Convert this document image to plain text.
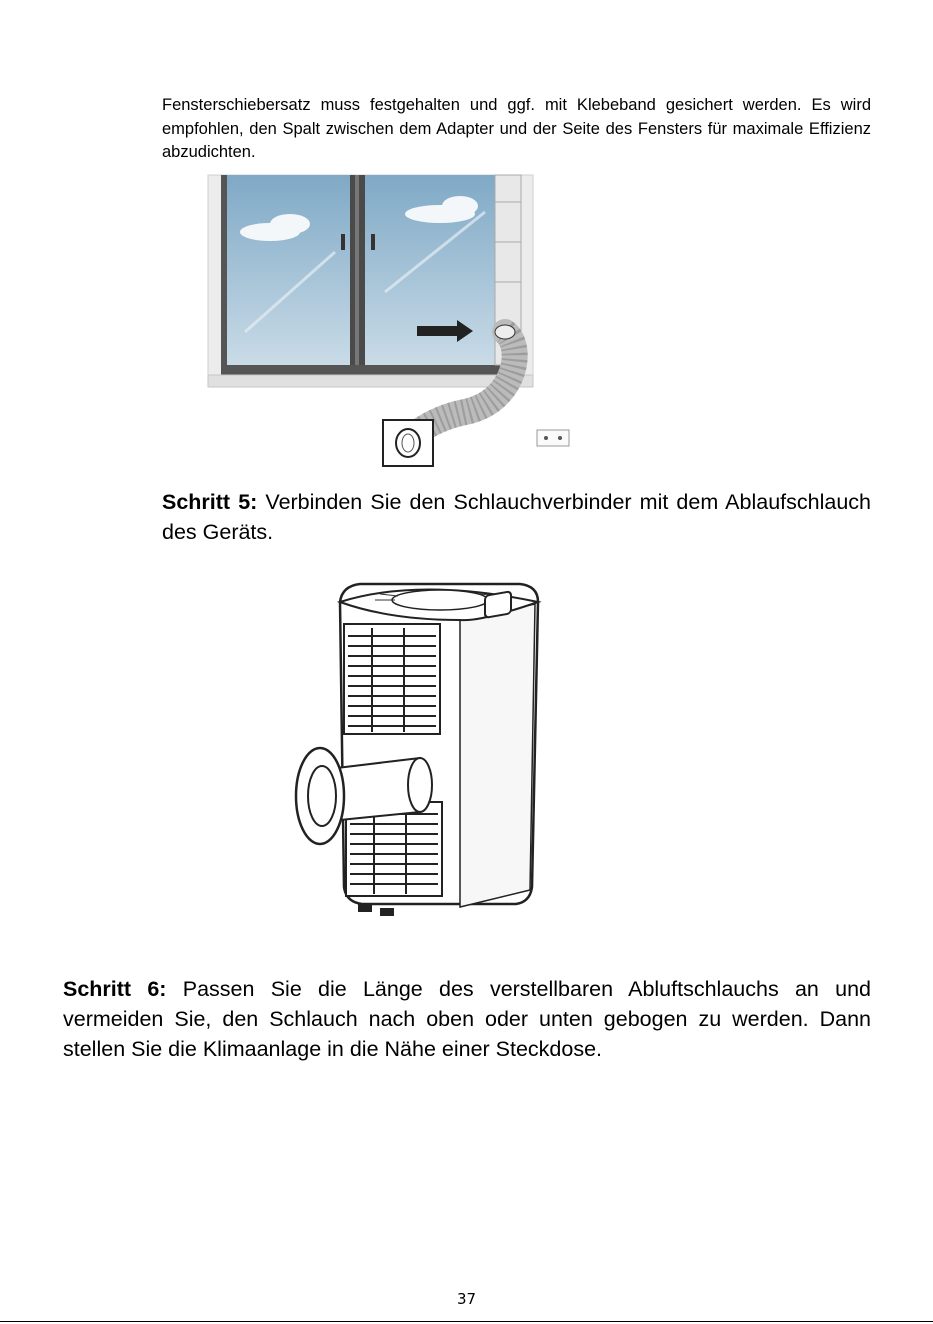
Fensterschiebersatz muss festgehalten und ggf. mit Klebeband gesichert werden. Es wird empfohlen, den Spalt zwischen dem Adapter und der Seite des Fensters für maximale Effizienz abzudichten.

Schritt 5: Verbinden Sie den Schlauchverbinder mit dem Ablaufschlauch des Geräts.

Schritt 6: Passen Sie die Länge des verstellbaren Abluftschlauchs an und vermeiden Sie, den Schlauch nach oben oder unten gebogen zu werden. Dann stellen Sie die Klimaanlage in die Nähe einer Steckdose.

37
